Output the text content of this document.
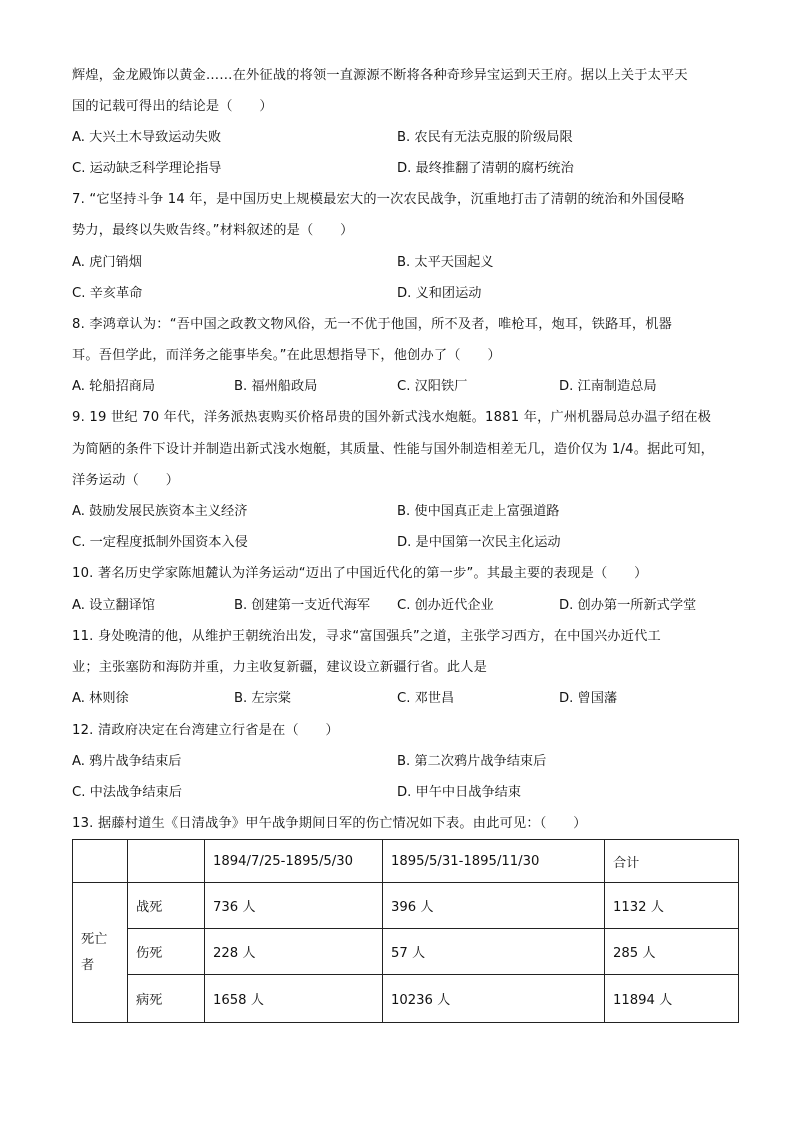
辉煌，金龙殿饰以黄金……在外征战的将领一直源源不断将各种奇珍异宝运到天王府。据以上关于太平天
国的记载可得出的结论是（　　）
A. 大兴土木导致运动失败	B. 农民有无法克服的阶级局限
C. 运动缺乏科学理论指导	D. 最终推翻了清朝的腐朽统治
7. “它坚持斗争 14 年，是中国历史上规模最宏大的一次农民战争，沉重地打击了清朝的统治和外国侵略
势力，最终以失败告终。”材料叙述的是（　　）
A. 虎门销烟	B. 太平天国起义
C. 辛亥革命	D. 义和团运动
8. 李鸿章认为：“吾中国之政教文物风俗，无一不优于他国，所不及者，唯枪耳，炮耳，铁路耳，机器
耳。吾但学此，而洋务之能事毕矣。”在此思想指导下，他创办了（　　）
A. 轮船招商局	B. 福州船政局	C. 汉阳铁厂	D. 江南制造总局
9. 19 世纪 70 年代，洋务派热衷购买价格昂贵的国外新式浅水炮艇。1881 年，广州机器局总办温子绍在极
为简陋的条件下设计并制造出新式浅水炮艇，其质量、性能与国外制造相差无几，造价仅为 1/4。据此可知，
洋务运动（　　）
A. 鼓励发展民族资本主义经济	B. 使中国真正走上富强道路
C. 一定程度抵制外国资本入侵	D. 是中国第一次民主化运动
10. 著名历史学家陈旭麓认为洋务运动“迈出了中国近代化的第一步”。其最主要的表现是（　　）
A. 设立翻译馆	B. 创建第一支近代海军 C. 创办近代企业	D. 创办第一所新式学堂
11. 身处晚清的他，从维护王朝统治出发，寻求“富国强兵”之道，主张学习西方，在中国兴办近代工
业；主张塞防和海防并重，力主收复新疆，建议设立新疆行省。此人是
A. 林则徐	B. 左宗棠	C. 邓世昌	D. 曾国藩
12. 清政府决定在台湾建立行省是在（　　）
A. 鸦片战争结束后	B. 第二次鸦片战争结束后
C. 中法战争结束后	D. 甲午中日战争结束
13. 据藤村道生《日清战争》甲午战争期间日军的伤亡情况如下表。由此可见：（　　）
		1894/7/25-1895/5/30	1895/5/31-1895/11/30	合计
死亡者	战死	736 人	396 人	1132 人
	伤死	228 人	57 人	285 人
	病死	1658 人	10236 人	11894 人
